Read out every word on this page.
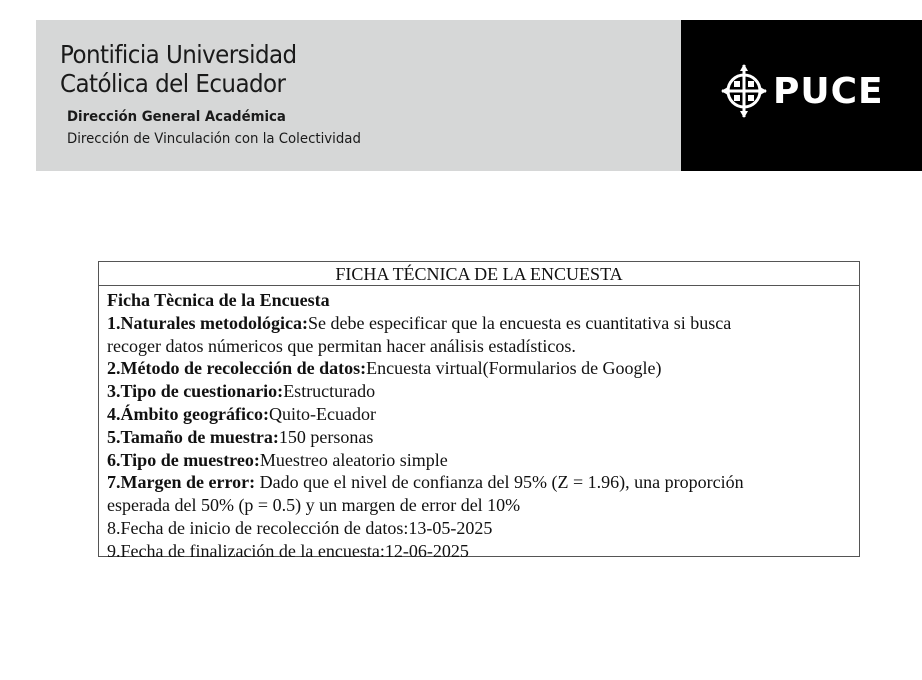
Pontificia Universidad
Católica del Ecuador
Dirección General Académica
Dirección de Vinculación con la Colectividad
PUCE
FICHA TÉCNICA DE LA ENCUESTA
Ficha Tècnica de la Encuesta
1.Naturales metodológica:Se debe especificar que la encuesta es cuantitativa si busca
recoger datos númericos que permitan hacer análisis estadísticos.
2.Método de recolección de datos:Encuesta virtual(Formularios de Google)
3.Tipo de cuestionario:Estructurado
4.Ámbito geográfico:Quito-Ecuador
5.Tamaño de muestra:150 personas
6.Tipo de muestreo:Muestreo aleatorio simple
7.Margen de error: Dado que el nivel de confianza del 95% (Z = 1.96), una proporción
esperada del 50% (p = 0.5) y un margen de error del 10%
8.Fecha de inicio de recolección de datos:13-05-2025
9.Fecha de finalización de la encuesta:12-06-2025
